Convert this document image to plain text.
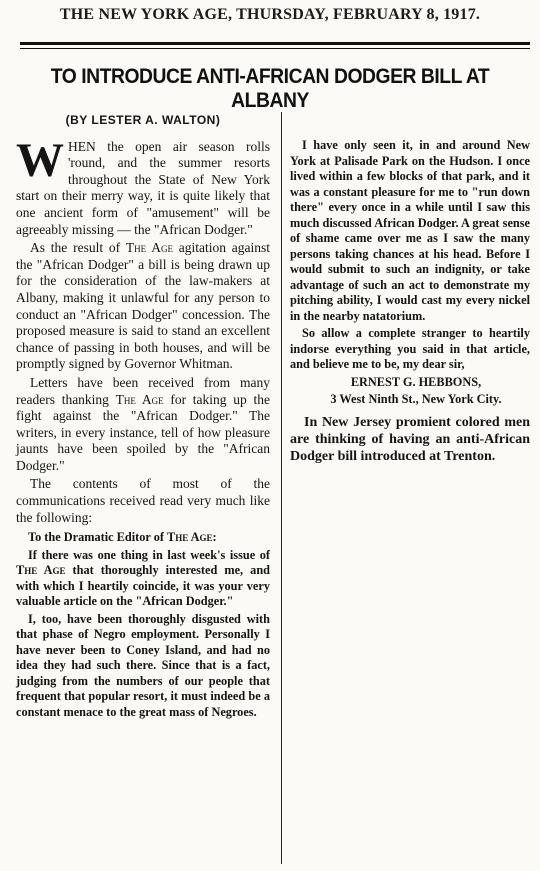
THE NEW YORK AGE, THURSDAY, FEBRUARY 8, 1917.
TO INTRODUCE ANTI-AFRICAN DODGER BILL AT ALBANY
(BY LESTER A. WALTON)

WHEN the open air season rolls 'round, and the summer resorts throughout the State of New York start on their merry way, it is quite likely that one ancient form of "amusement" will be agreeably missing — the "African Dodger."

As the result of The Age agitation against the "African Dodger" a bill is being drawn up for the consideration of the law-makers at Albany, making it unlawful for any person to conduct an "African Dodger" concession. The proposed measure is said to stand an excellent chance of passing in both houses, and will be promptly signed by Governor Whitman.

Letters have been received from many readers thanking The Age for taking up the fight against the "African Dodger." The writers, in every instance, tell of how pleasure jaunts have been spoiled by the "African Dodger."

The contents of most of the communications received read very much like the following:

To the Dramatic Editor of The Age:

If there was one thing in last week's issue of The Age that thoroughly interested me, and with which I heartily coincide, it was your very valuable article on the "African Dodger."

I, too, have been thoroughly disgusted with that phase of Negro employment. Personally I have never been to Coney Island, and had no idea they had such there. Since that is a fact, judging from the numbers of our people that frequent that popular resort, it must indeed be a constant menace to the great mass of Negroes.

I have only seen it, in and around New York at Palisade Park on the Hudson. I once lived within a few blocks of that park, and it was a constant pleasure for me to "run down there" every once in a while until I saw this much discussed African Dodger. A great sense of shame came over me as I saw the many persons taking chances at his head. Before I would submit to such an indignity, or take advantage of such an act to demonstrate my pitching ability, I would cast my every nickel in the nearby natatorium.

So allow a complete stranger to heartily indorse everything you said in that article, and believe me to be, my dear sir,

ERNEST G. HEBBONS,

3 West Ninth St., New York City.

In New Jersey promient colored men are thinking of having an anti-African Dodger bill introduced at Trenton.
